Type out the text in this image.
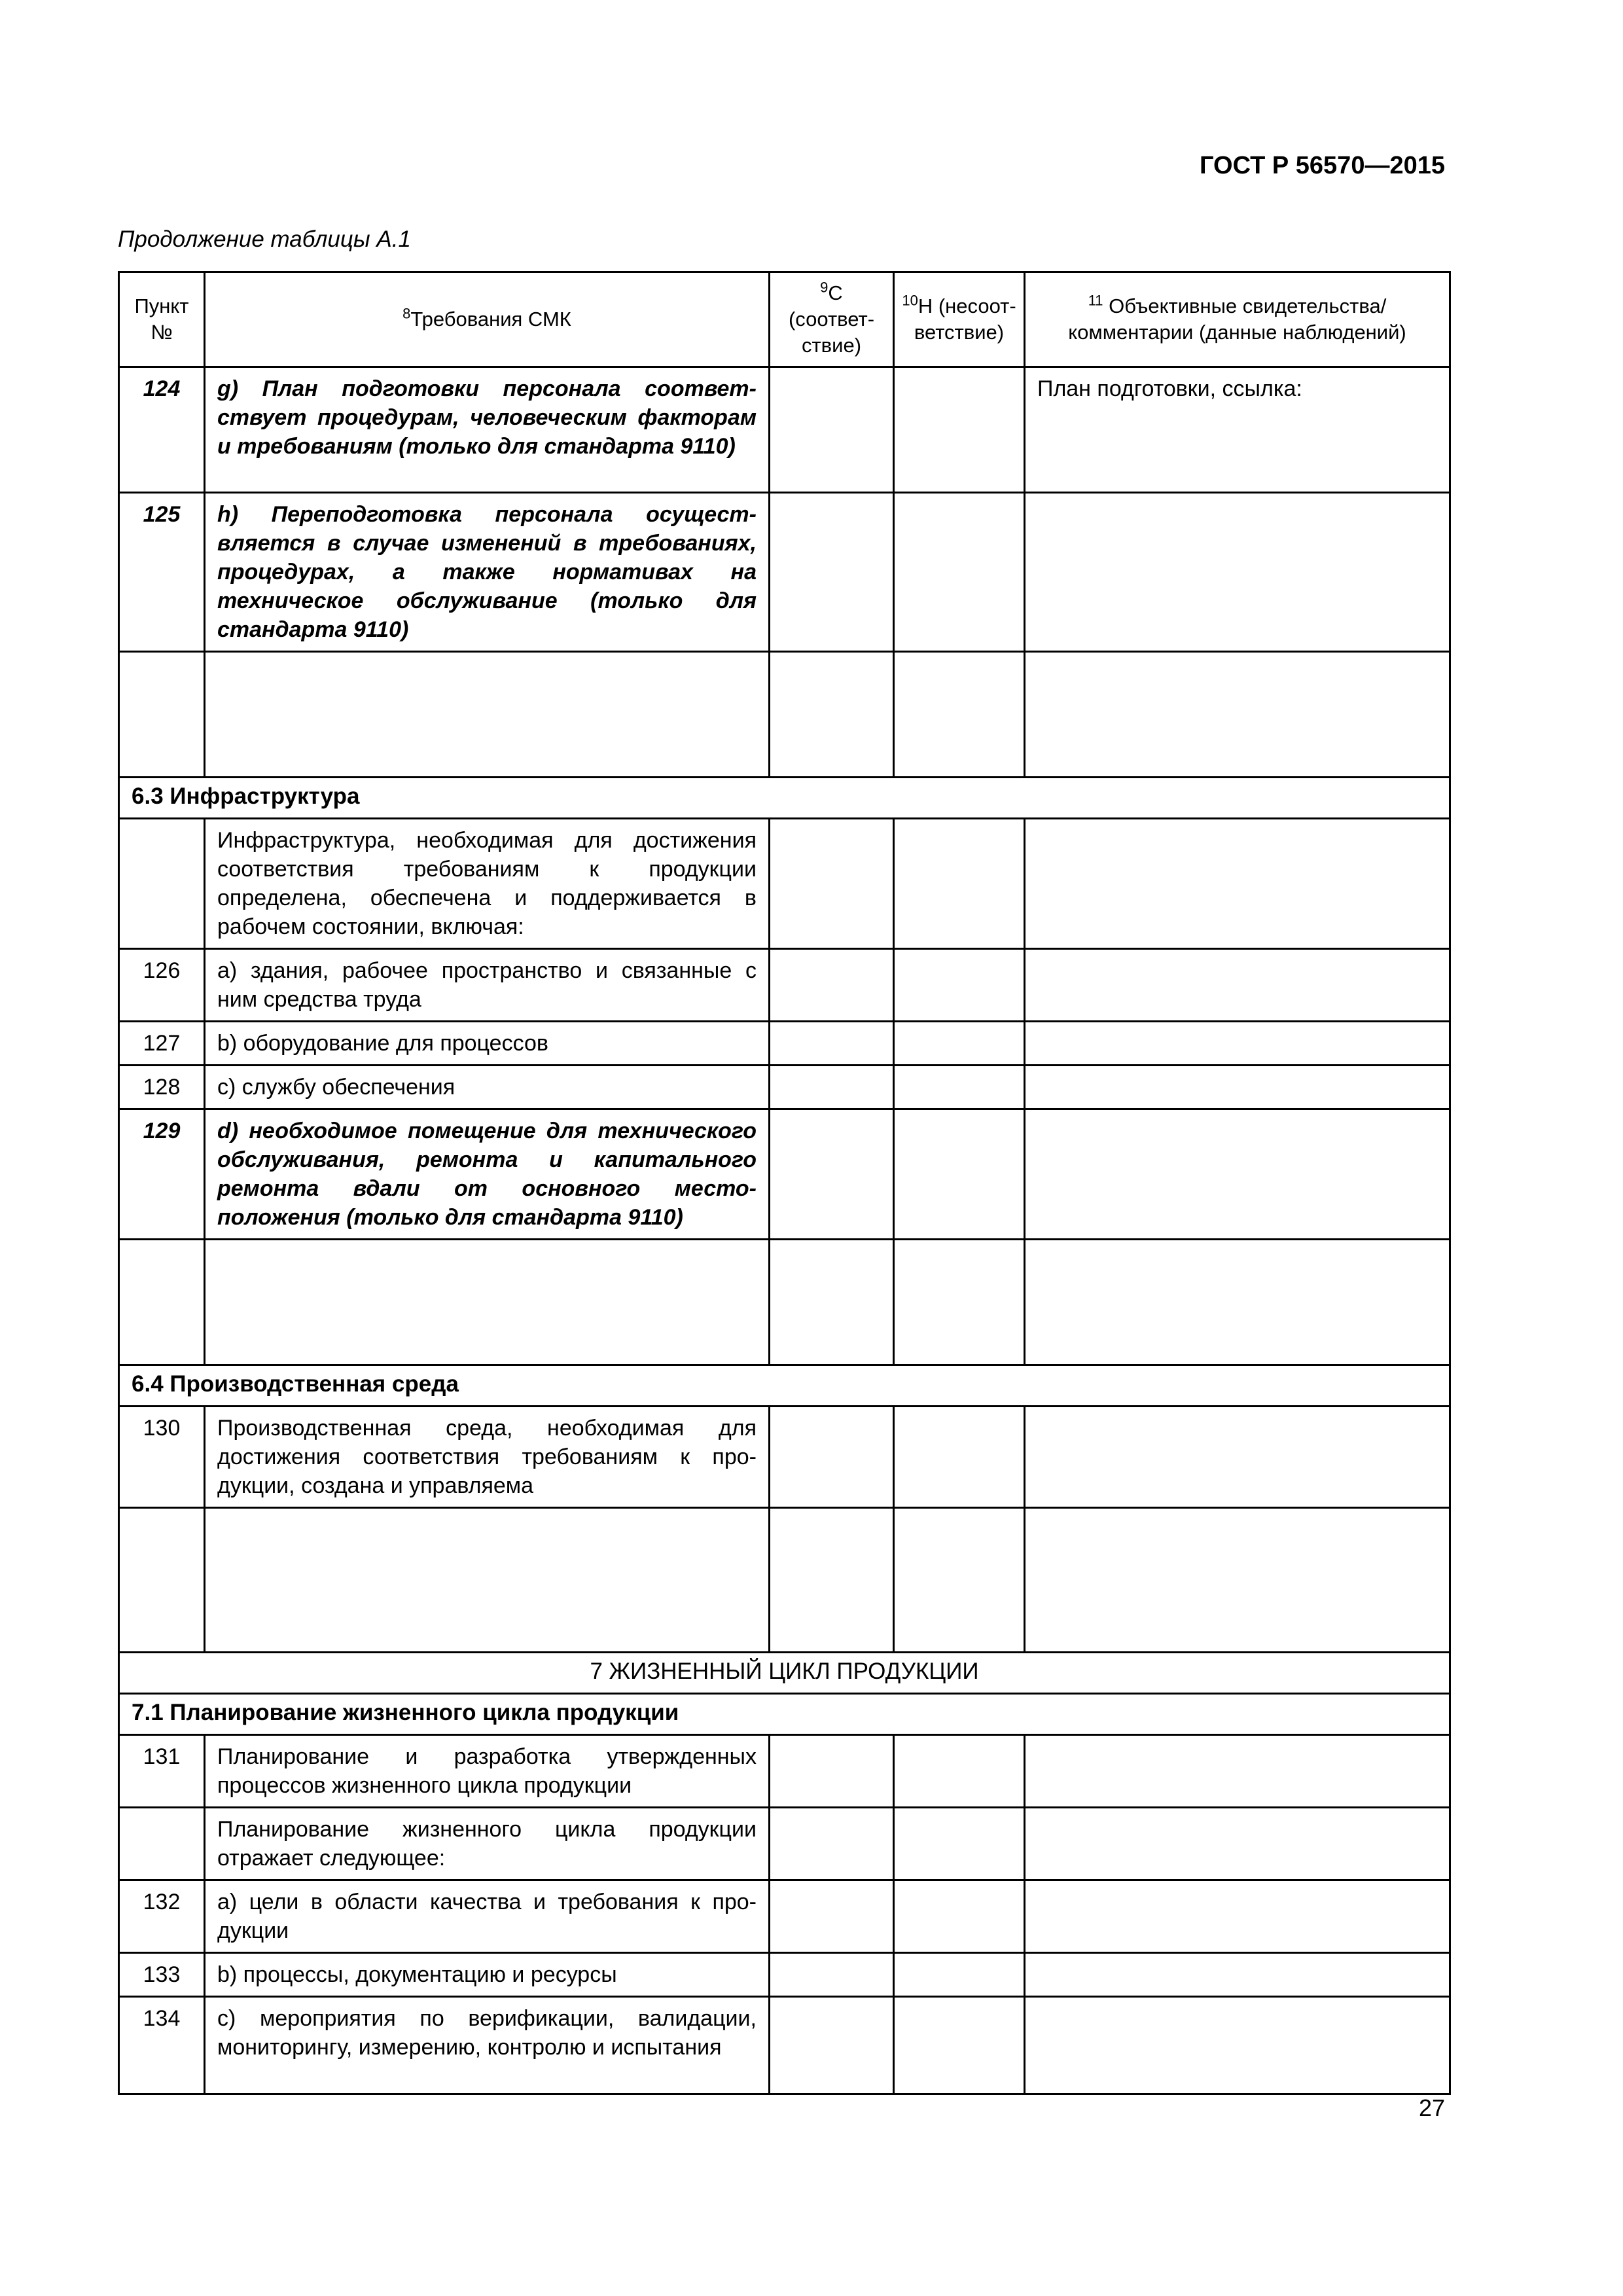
ГОСТ Р 56570—2015
Продолжение таблицы А.1
Пункт №	$^8$Требования СМК	$^9$С (соответствие)	$^{10}$Н (несоответствие)	$^{11}$ Объективные свидетельства/ комментарии (данные наблюдений)
124	g) План подготовки персонала соответствует процедурам, человеческим факторам и требованиям (только для стандарта 9110)			План подготовки, ссылка:
125	h) Переподготовка персонала осуществляется в случае изменений в требованиях, процедурах, а также нормативах на техническое обслуживание (только для стандарта 9110)			

6.3 Инфраструктура				
	Инфраструктура, необходимая для достижения соответствия требованиям к продукции определена, обеспечена и поддерживается в рабочем состоянии, включая:			
126	a) здания, рабочее пространство и связанные с ним средства труда			
127	b) оборудование для процессов			
128	c) службу обеспечения			
129	d) необходимое помещение для технического обслуживания, ремонта и капитального ремонта вдали от основного местоположения (только для стандарта 9110)			

6.4 Производственная среда				
130	Производственная среда, необходимая для достижения соответствия требованиям к продукции, создана и управляема			

7 ЖИЗНЕННЫЙ ЦИКЛ ПРОДУКЦИИ				
7.1 Планирование жизненного цикла продукции				
131	Планирование и разработка утвержденных процессов жизненного цикла продукции			
	Планирование жизненного цикла продукции отражает следующее:			
132	a) цели в области качества и требования к продукции			
133	b) процессы, документацию и ресурсы			
134	c) мероприятия по верификации, валидации, мониторингу, измерению, контролю и испытания			
27
